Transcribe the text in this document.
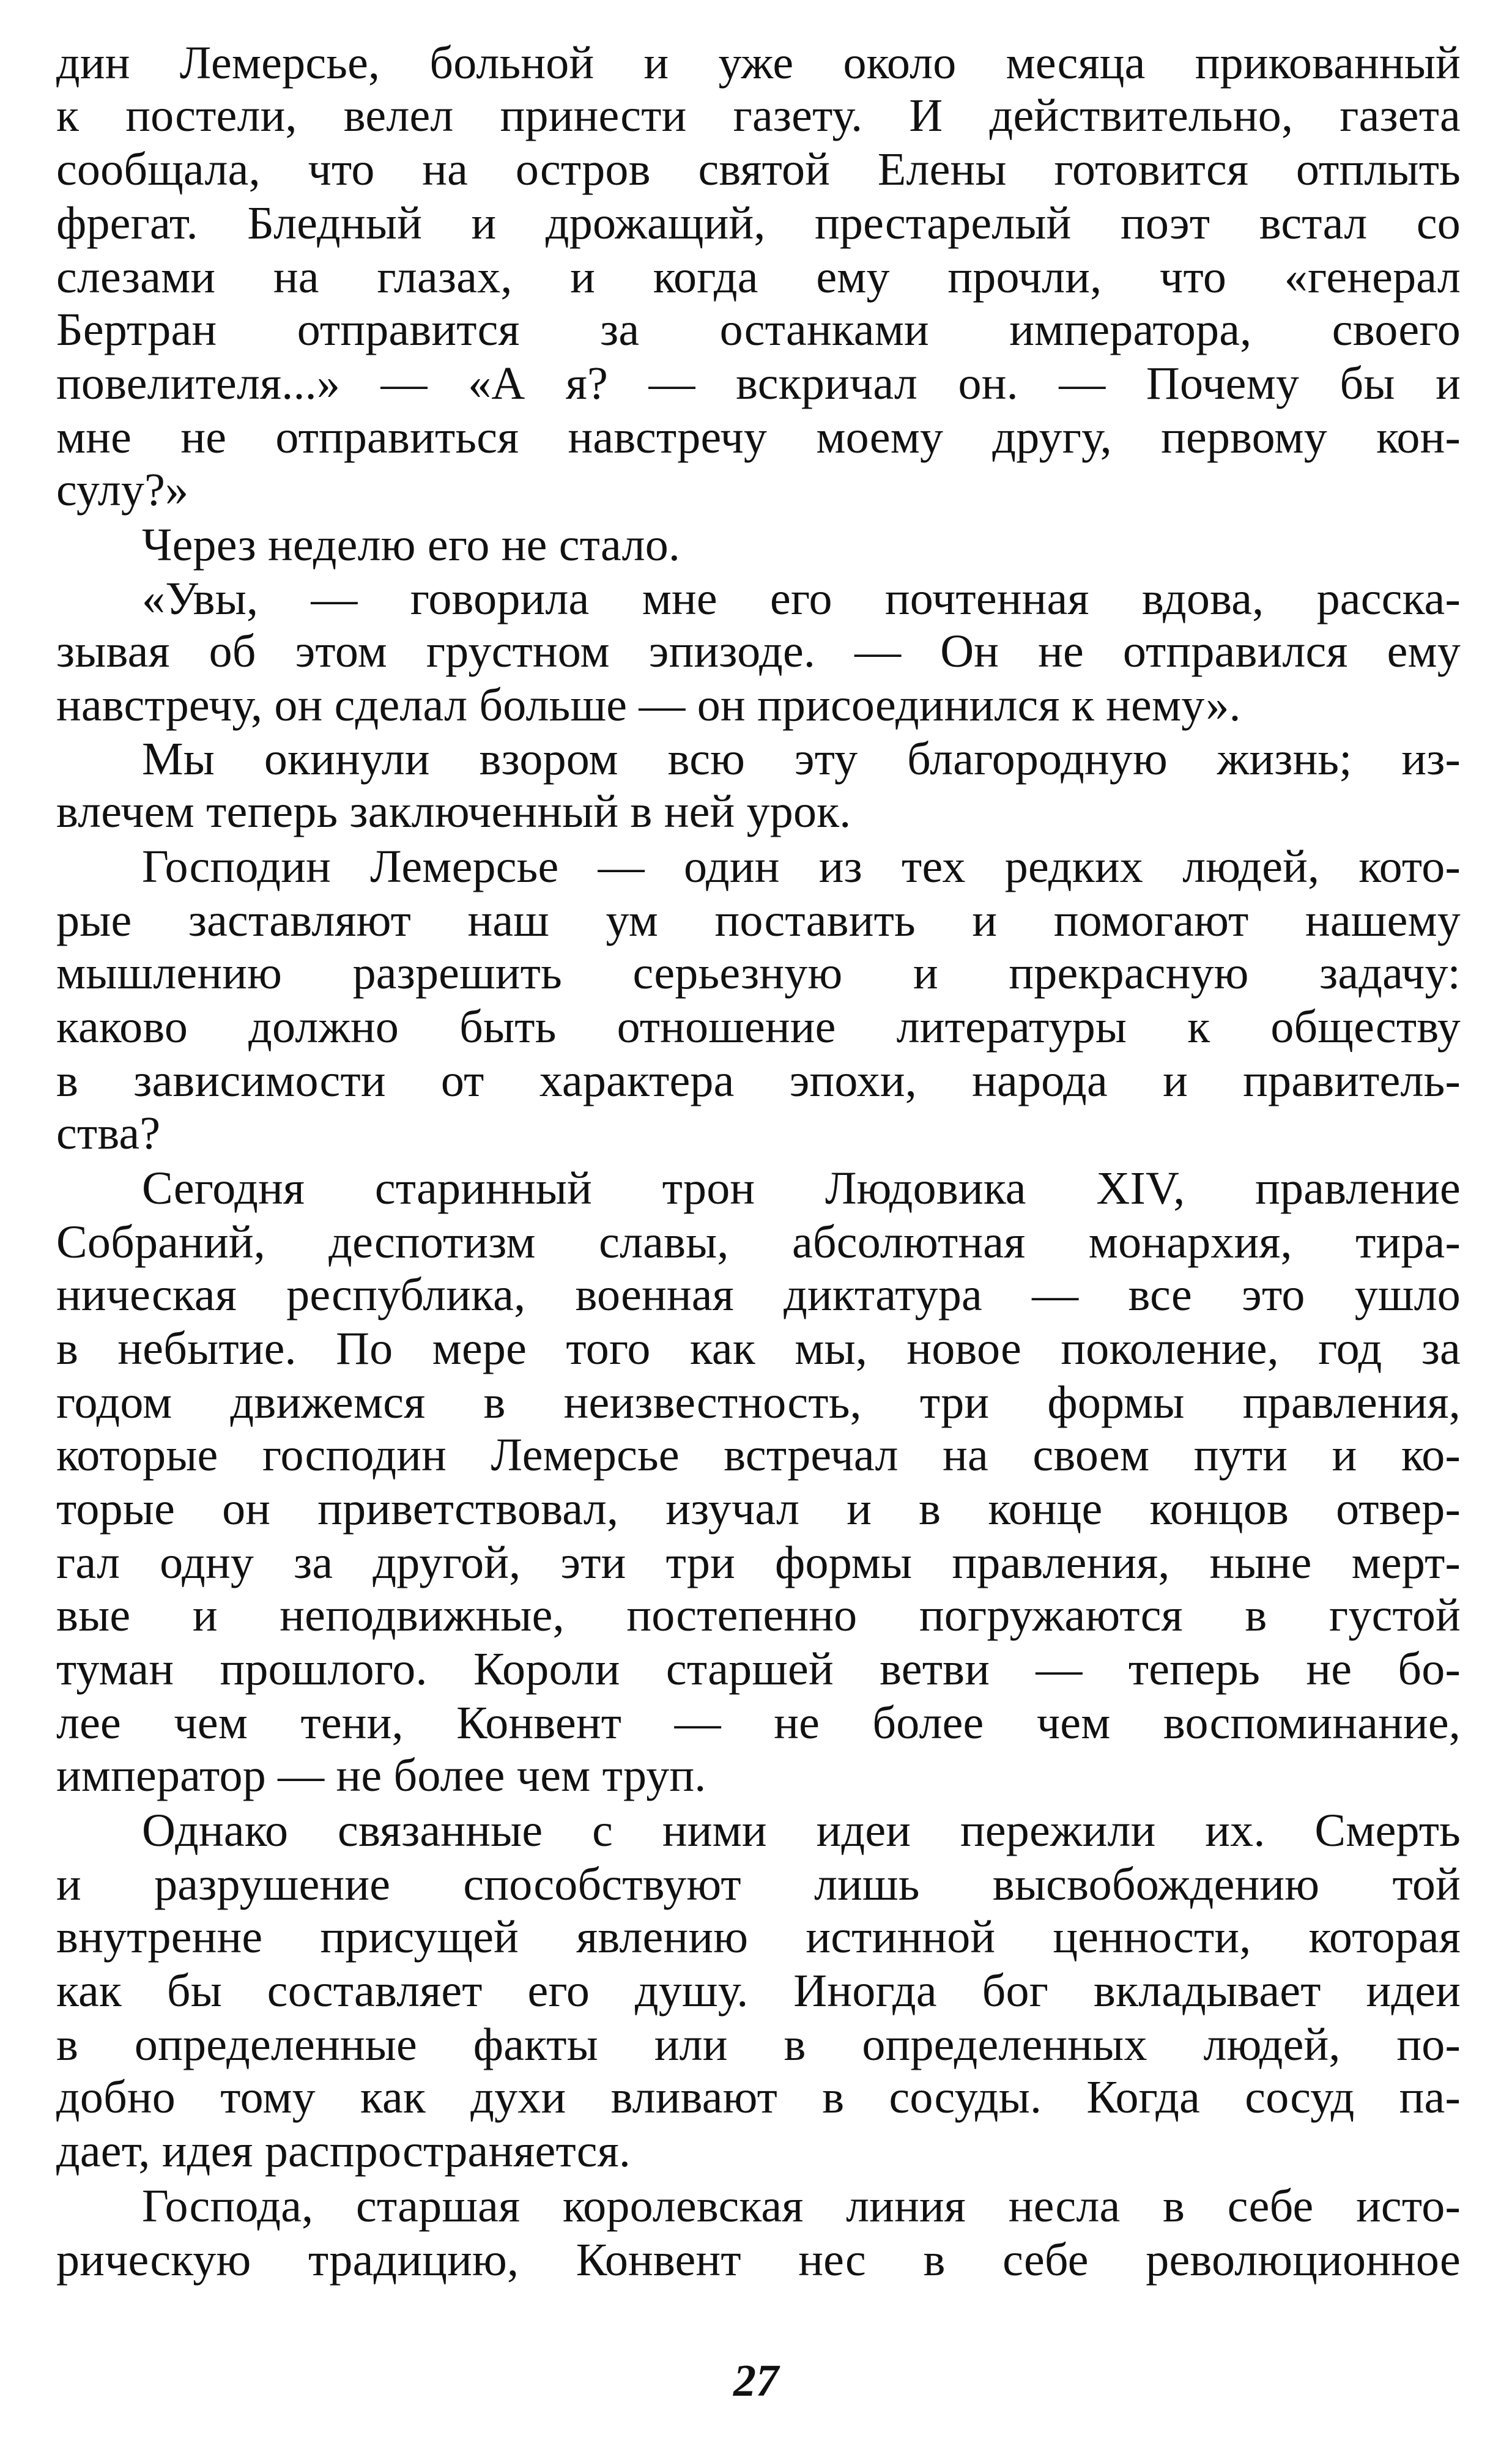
дин Лемерсье, больной и уже около месяца прикованный
к постели, велел принести газету. И действительно, газета
сообщала, что на остров святой Елены готовится отплыть
фрегат. Бледный и дрожащий, престарелый поэт встал со
слезами на глазах, и когда ему прочли, что «генерал
Бертран отправится за останками императора, своего
повелителя...» — «А я? — вскричал он. — Почему бы и
мне не отправиться навстречу моему другу, первому кон-
сулу?»
Через неделю его не стало.
«Увы, — говорила мне его почтенная вдова, расска-
зывая об этом грустном эпизоде. — Он не отправился ему
навстречу, он сделал больше — он присоединился к нему».
Мы окинули взором всю эту благородную жизнь; из-
влечем теперь заключенный в ней урок.
Господин Лемерсье — один из тех редких людей, кото-
рые заставляют наш ум поставить и помогают нашему
мышлению разрешить серьезную и прекрасную задачу:
каково должно быть отношение литературы к обществу
в зависимости от характера эпохи, народа и правитель-
ства?
Сегодня старинный трон Людовика XIV, правление
Собраний, деспотизм славы, абсолютная монархия, тира-
ническая республика, военная диктатура — все это ушло
в небытие. По мере того как мы, новое поколение, год за
годом движемся в неизвестность, три формы правления,
которые господин Лемерсье встречал на своем пути и ко-
торые он приветствовал, изучал и в конце концов отвер-
гал одну за другой, эти три формы правления, ныне мерт-
вые и неподвижные, постепенно погружаются в густой
туман прошлого. Короли старшей ветви — теперь не бо-
лее чем тени, Конвент — не более чем воспоминание,
император — не более чем труп.
Однако связанные с ними идеи пережили их. Смерть
и разрушение способствуют лишь высвобождению той
внутренне присущей явлению истинной ценности, которая
как бы составляет его душу. Иногда бог вкладывает идеи
в определенные факты или в определенных людей, по-
добно тому как духи вливают в сосуды. Когда сосуд па-
дает, идея распространяется.
Господа, старшая королевская линия несла в себе исто-
рическую традицию, Конвент нес в себе революционное
27
